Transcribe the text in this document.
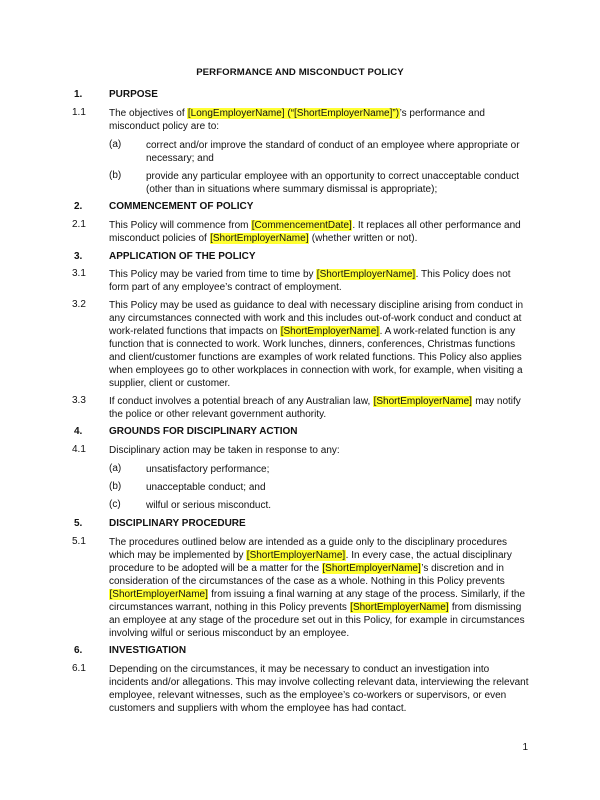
PERFORMANCE AND MISCONDUCT POLICY
1.	PURPOSE
1.1 The objectives of [LongEmployerName] (“[ShortEmployerName]”)’s performance and misconduct policy are to:
(a) correct and/or improve the standard of conduct of an employee where appropriate or necessary; and
(b) provide any particular employee with an opportunity to correct unacceptable conduct (other than in situations where summary dismissal is appropriate);
2.	COMMENCEMENT OF POLICY
2.1 This Policy will commence from [CommencementDate]. It replaces all other performance and misconduct policies of [ShortEmployerName] (whether written or not).
3.	APPLICATION OF THE POLICY
3.1 This Policy may be varied from time to time by [ShortEmployerName]. This Policy does not form part of any employee’s contract of employment.
3.2 This Policy may be used as guidance to deal with necessary discipline arising from conduct in any circumstances connected with work and this includes out-of-work conduct and conduct at work-related functions that impacts on [ShortEmployerName]. A work-related function is any function that is connected to work. Work lunches, dinners, conferences, Christmas functions and client/customer functions are examples of work related functions. This Policy also applies when employees go to other workplaces in connection with work, for example, when visiting a supplier, client or customer.
3.3 If conduct involves a potential breach of any Australian law, [ShortEmployerName] may notify the police or other relevant government authority.
4.	GROUNDS FOR DISCIPLINARY ACTION
4.1 Disciplinary action may be taken in response to any:
(a) unsatisfactory performance;
(b) unacceptable conduct; and
(c)	wilful or serious misconduct.
5.	DISCIPLINARY PROCEDURE
5.1 The procedures outlined below are intended as a guide only to the disciplinary procedures which may be implemented by [ShortEmployerName]. In every case, the actual disciplinary procedure to be adopted will be a matter for the [ShortEmployerName]’s discretion and in consideration of the circumstances of the case as a whole. Nothing in this Policy prevents [ShortEmployerName] from issuing a final warning at any stage of the process. Similarly, if the circumstances warrant, nothing in this Policy prevents [ShortEmployerName] from dismissing an employee at any stage of the procedure set out in this Policy, for example in circumstances involving wilful or serious misconduct by an employee.
6.	INVESTIGATION
6.1 Depending on the circumstances, it may be necessary to conduct an investigation into incidents and/or allegations. This may involve collecting relevant data, interviewing the relevant employee, relevant witnesses, such as the employee’s co-workers or supervisors, or even customers and suppliers with whom the employee has had contact.
1
